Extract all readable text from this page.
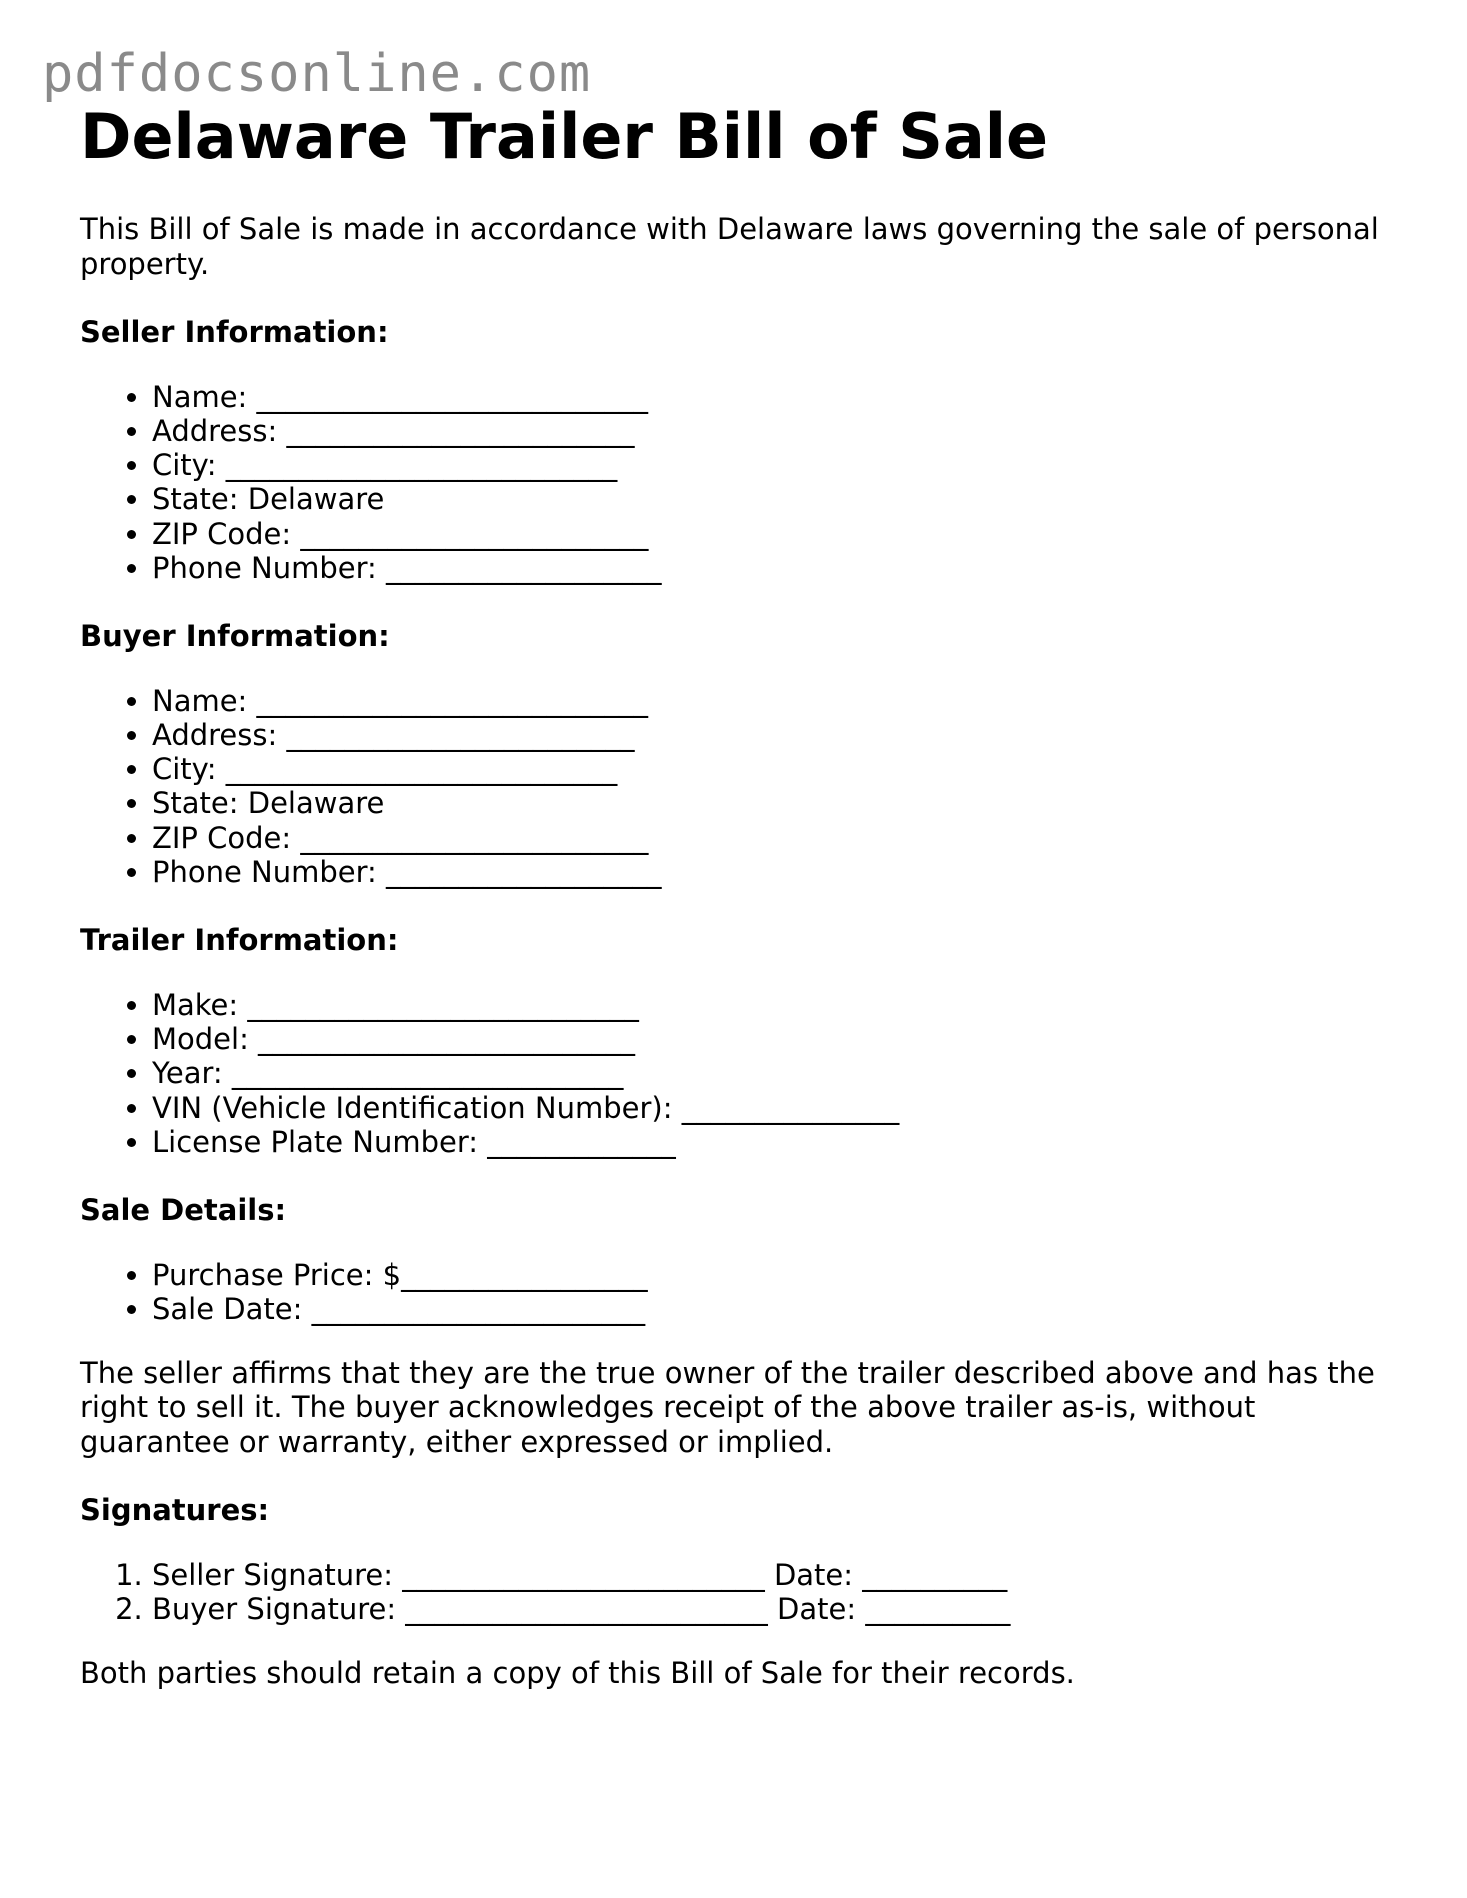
pdfdocsonline.com
Delaware Trailer Bill of Sale

This Bill of Sale is made in accordance with Delaware laws governing the sale of personal property.

Seller Information:
• Name: ___________________________
• Address: ________________________
• City: ___________________________
• State: Delaware
• ZIP Code: ________________________
• Phone Number: ___________________
Buyer Information:
• Name: ___________________________
• Address: ________________________
• City: ___________________________
• State: Delaware
• ZIP Code: ________________________
• Phone Number: ___________________
Trailer Information:
• Make: ___________________________
• Model: __________________________
• Year: ___________________________
• VIN (Vehicle Identification Number): _______________
• License Plate Number: _____________
Sale Details:
• Purchase Price: $_________________
• Sale Date: _______________________

The seller affirms that they are the true owner of the trailer described above and has the right to sell it. The buyer acknowledges receipt of the above trailer as-is, without guarantee or warranty, either expressed or implied.

Signatures:
1. Seller Signature: _________________________ Date: __________
2. Buyer Signature: _________________________ Date: __________

Both parties should retain a copy of this Bill of Sale for their records.
